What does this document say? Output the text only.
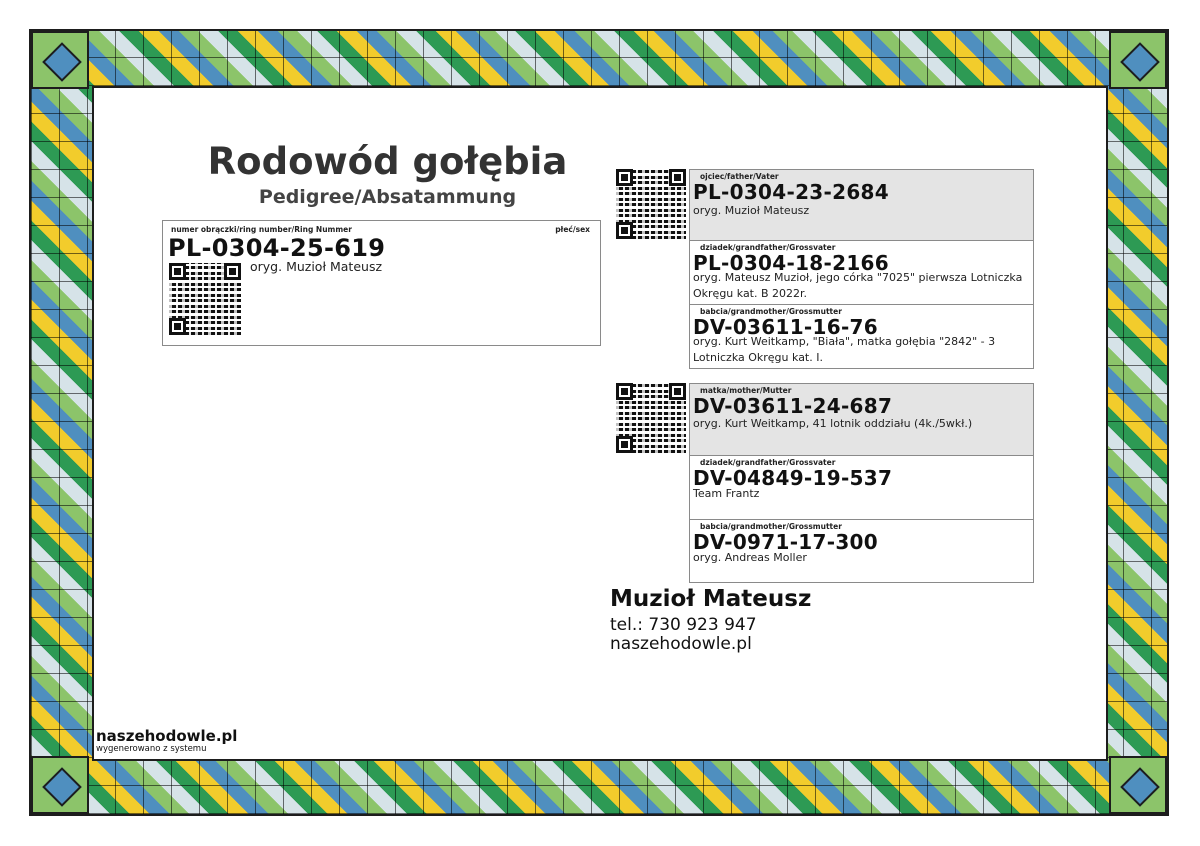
Rodowód gołębia
Pedigree/Absatammung
numer obrączki/ring number/Ring Nummer	płeć/sex
PL-0304-25-619
oryg. Muzioł Mateusz
ojciec/father/Vater
PL-0304-23-2684
oryg. Muzioł Mateusz
dziadek/grandfather/Grossvater
PL-0304-18-2166
oryg. Mateusz Muzioł, jego córka "7025" pierwsza Lotniczka Okręgu kat. B 2022r.
babcia/grandmother/Grossmutter
DV-03611-16-76
oryg. Kurt Weitkamp, "Biała", matka gołębia "2842" - 3 Lotniczka Okręgu kat. I.
matka/mother/Mutter
DV-03611-24-687
oryg. Kurt Weitkamp, 41 lotnik oddziału (4k./5wkł.)
dziadek/grandfather/Grossvater
DV-04849-19-537
Team Frantz
babcia/grandmother/Grossmutter
DV-0971-17-300
oryg. Andreas Moller
Muzioł Mateusz
tel.: 730 923 947
naszehodowle.pl
naszehodowle.pl
wygenerowano z systemu
